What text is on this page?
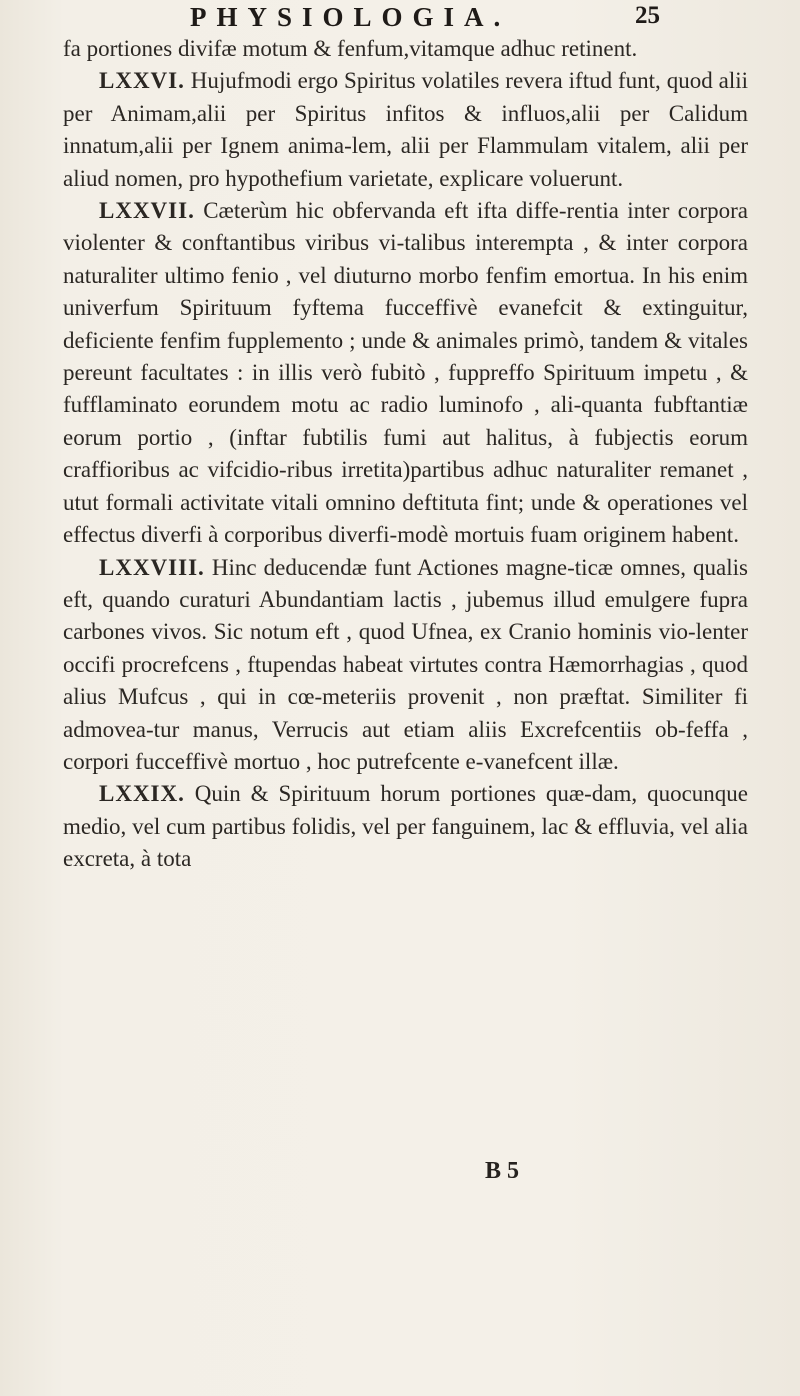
PHYSIOLOGIA.	25

fa portiones divifæ motum & fenfum,vitamque adhuc retinent.

LXXVI. Hujufmodi ergo Spiritus volatiles revera iftud funt, quod alii per Animam,alii per Spiritus infitos & influos,alii per Calidum innatum,alii per Ignem anima-lem, alii per Flammulam vitalem, alii per aliud nomen, pro hypothefium varietate, explicare voluerunt.

LXXVII. Cæterùm hic obfervanda eft ifta diffe-rentia inter corpora violenter & conftantibus viribus vi-talibus interempta , & inter corpora naturaliter ultimo fenio , vel diuturno morbo fenfim emortua. In his enim univerfum Spirituum fyftema fucceffivè evanefcit & extinguitur, deficiente fenfim fupplemento ; unde & animales primò, tandem & vitales pereunt facultates : in illis verò fubitò , fuppreffo Spirituum impetu , & fufflaminato eorundem motu ac radio luminofo , ali-quanta fubftantiæ eorum portio , (inftar fubtilis fumi aut halitus, à fubjectis eorum craffioribus ac vifcidio-ribus irretita)partibus adhuc naturaliter remanet , utut formali activitate vitali omnino deftituta fint; unde & operationes vel effectus diverfi à corporibus diverfi-modè mortuis fuam originem habent.

LXXVIII. Hinc deducendæ funt Actiones magne-ticæ omnes, qualis eft, quando curaturi Abundantiam lactis , jubemus illud emulgere fupra carbones vivos. Sic notum eft , quod Ufnea, ex Cranio hominis vio-lenter occifi procrefcens , ftupendas habeat virtutes contra Hæmorrhagias , quod alius Mufcus , qui in cœ-meteriis provenit , non præftat. Similiter fi admovea-tur manus, Verrucis aut etiam aliis Excrefcentiis ob-feffa , corpori fucceffivè mortuo , hoc putrefcente e-vanefcent illæ.

LXXIX. Quin & Spirituum horum portiones quæ-dam, quocunque medio, vel cum partibus folidis, vel per fanguinem, lac & effluvia, vel alia excreta, à tota

B 5
